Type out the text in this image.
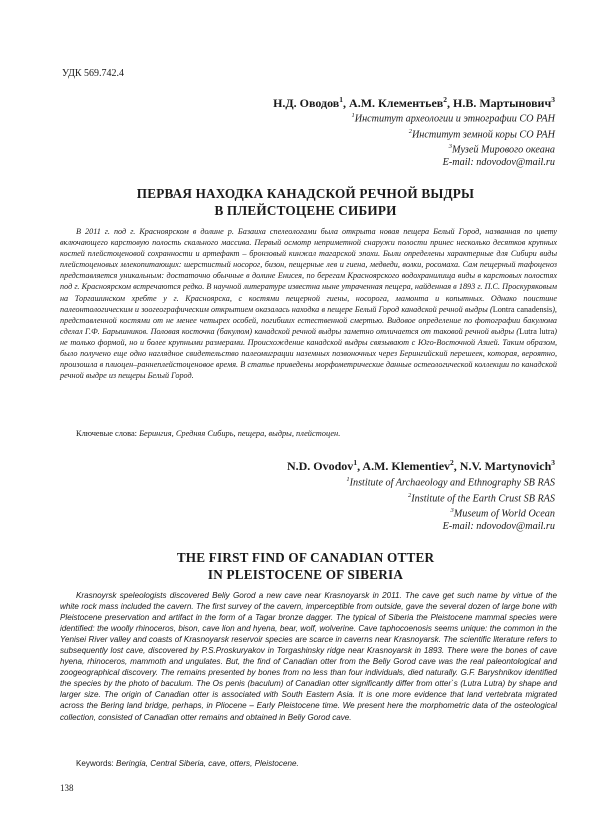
УДК 569.742.4
Н.Д. Оводов$^1$, А.М. Клементьев$^2$, Н.В. Мартынович$^3$
$^1$Институт археологии и этнографии СО РАН
$^2$Институт земной коры СО РАН
$^3$Музей Мирового океана
E-mail: ndovodov@mail.ru
ПЕРВАЯ НАХОДКА КАНАДСКОЙ РЕЧНОЙ ВЫДРЫ
В ПЛЕЙСТОЦЕНЕ СИБИРИ

В 2011 г. под г. Красноярском в долине р. Базаиха спелеологами была открыта новая пещера Белый Город, названная по цвету включающего карстовую полость скального массива. Первый осмотр неприметной снаружи полости принес несколько десятков крупных костей плейстоценовой сохранности и артефакт – бронзовый кинжал тагарской эпохи. Были определены характерные для Сибири виды плейстоценовых млекопитающих: шерстистый носорог, бизон, пещерные лев и гиена, медведи, волки, росомаха. Сам пещерный тафоценоз представляется уникальным: достаточно обычные в долине Енисея, по берегам Красноярского водохранилища виды в карстовых полостях под г. Красноярском встречаются редко. В научной литературе известна ныне утраченная пещера, найденная в 1893 г. П.С. Проскуряковым на Торгашинском хребте у г. Красноярска, с костями пещерной гиены, носорога, мамонта и копытных. Однако поистине палеонтологическим и зоогеографическим открытием оказалась находка в пещере Белый Город канадской речной выдры (Lontra canadensis), представленной костями от не менее четырех особей, погибших естественной смертью. Видовое определение по фотографии бакулюма сделал Г.Ф. Барышников. Половая косточка (бакулюм) канадской речной выдры заметно отличается от таковой речной выдры (Lutra lutra) не только формой, но и более крупными размерами. Происхождение канадской выдры связывают с Юго-Восточной Азией. Таким образом, было получено еще одно наглядное свидетельство палеомиграции наземных позвоночных через Берингийский перешеек, которая, вероятно, произошла в плиоцен–раннеплейстоценовое время. В статье приведены морфометрические данные остеологической коллекции по канадской речной выдре из пещеры Белый Город.

Ключевые слова: Берингия, Средняя Сибирь, пещера, выдры, плейстоцен.
N.D. Ovodov$^1$, A.M. Klementiev$^2$, N.V. Martynovich$^3$
$^1$Institute of Archaeology and Ethnography SB RAS
$^2$Institute of the Earth Crust SB RAS
$^3$Museum of World Ocean
E-mail: ndovodov@mail.ru
THE FIRST FIND OF CANADIAN OTTER
IN PLEISTOCENE OF SIBERIA

Krasnoyrsk speleologists discovered Beliy Gorod a new cave near Krasnoyarsk in 2011. The cave get such name by virtue of the white rock mass included the cavern. The first survey of the cavern, imperceptible from outside, gave the several dozen of large bone with Pleistocene preservation and artifact in the form of a Tagar bronze dagger. The typical of Siberia the Pleistocene mammal species were identified: the woolly rhinoceros, bison, cave lion and hyena, bear, wolf, wolverine. Cave taphocoenosis seems unique: the common in the Yenisei River valley and coasts of Krasnoyarsk reservoir species are scarce in caverns near Krasnoyarsk. The scientific literature refers to subsequently lost cave, discovered by P.S.Proskuryakov in Torgashinsky ridge near Krasnoyarsk in 1893. There were the bones of cave hyena, rhinoceros, mammoth and ungulates. But, the find of Canadian otter from the Beliy Gorod cave was the real paleontological and zoogeographical discovery. The remains presented by bones from no less than four individuals, died naturally. G.F. Baryshnikov identified the species by the photo of baculum. The Os penis (baculum) of Canadian otter significantly differ from otter`s (Lutra Lutra) by shape and larger size. The origin of Canadian otter is associated with South Eastern Asia. It is one more evidence that land vertebrata migrated across the Bering land bridge, perhaps, in Pliocene – Early Pleistocene time. We present here the morphometric data of the osteological collection, consisted of Canadian otter remains and obtained in Beliy Gorod cave.

Keywords: Beringia, Central Siberia, cave, otters, Pleistocene.
138
